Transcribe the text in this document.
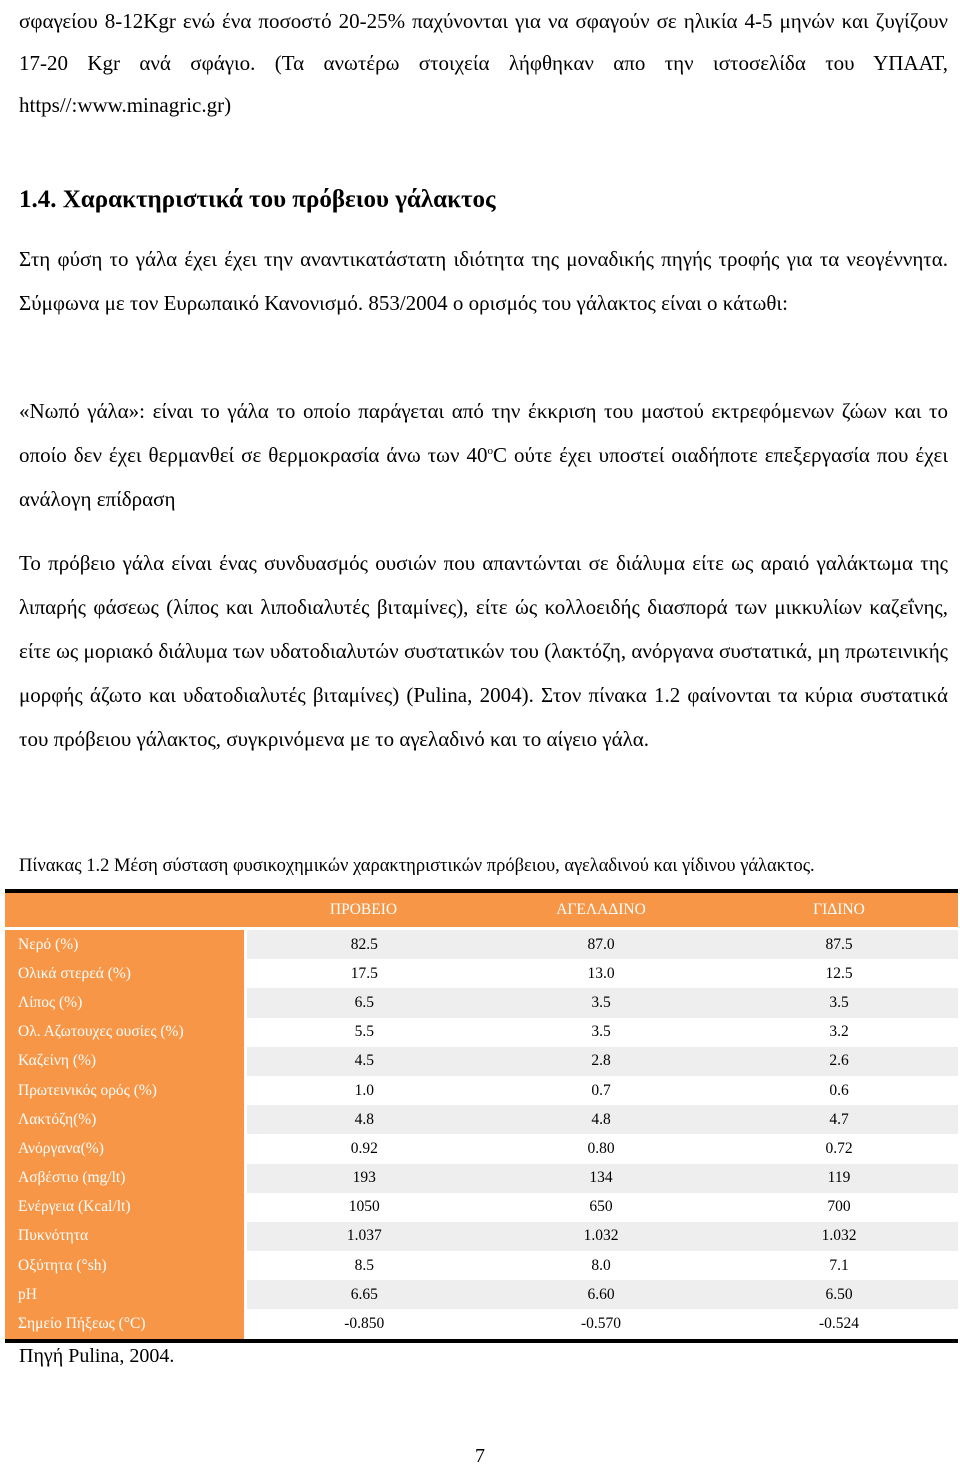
σφαγείου 8-12Kgr ενώ ένα ποσοστό 20-25% παχύνονται για να σφαγούν σε ηλικία 4-5 μηνών και ζυγίζουν 17-20 Kgr ανά σφάγιο. (Τα ανωτέρω στοιχεία λήφθηκαν απο την ιστοσελίδα του ΥΠΑΑΤ, https//:www.minagric.gr)
1.4. Χαρακτηριστικά του πρόβειου γάλακτος
Στη φύση το γάλα έχει έχει την αναντικατάστατη ιδιότητα της μοναδικής πηγής τροφής για τα νεογέννητα. Σύμφωνα με τον Ευρωπαικό Κανονισμό. 853/2004 ο ορισμός του γάλακτος είναι ο κάτωθι:
«Νωπό γάλα»: είναι το γάλα το οποίο παράγεται από την έκκριση του μαστού εκτρεφόμενων ζώων και το οποίο δεν έχει θερμανθεί σε θερμοκρασία άνω των $40^oC$ ούτε έχει υποστεί οιαδήποτε επεξεργασία που έχει ανάλογη επίδραση
Το πρόβειο γάλα είναι ένας συνδυασμός ουσιών που απαντώνται σε διάλυμα είτε ως αραιό γαλάκτωμα της λιπαρής φάσεως (λίπος και λιποδιαλυτές βιταμίνες), είτε ώς κολλοειδής διασπορά των μικκυλίων καζεΐνης, είτε ως μοριακό διάλυμα των υδατοδιαλυτών συστατικών του (λακτόζη, ανόργανα συστατικά, μη πρωτεινικής μορφής άζωτο και υδατοδιαλυτές βιταμίνες) (Pulina, 2004). Στον πίνακα 1.2 φαίνονται τα κύρια συστατικά του πρόβειου γάλακτος, συγκρινόμενα με το αγελαδινό και το αίγειο γάλα.
Πίνακας 1.2 Μέση σύσταση φυσικοχημικών χαρακτηριστικών πρόβειου, αγελαδινού και γίδινου γάλακτος.
	ΠΡΟΒΕΙΟ	ΑΓΕΛΑΔΙΝΟ	ΓΙΔΙΝΟ
Νερό (%)	82.5	87.0	87.5
Ολικά στερεά (%)	17.5	13.0	12.5
Λίπος (%)	6.5	3.5	3.5
Ολ. Αζωτουχες ουσίες (%)	5.5	3.5	3.2
Καζείνη (%)	4.5	2.8	2.6
Πρωτεινικός ορός (%)	1.0	0.7	0.6
Λακτόζη(%)	4.8	4.8	4.7
Ανόργανα(%)	0.92	0.80	0.72
Ασβέστιο (mg/lt)	193	134	119
Ενέργεια (Kcal/lt)	1050	650	700
Πυκνότητα	1.037	1.032	1.032
Οξύτητα (°sh)	8.5	8.0	7.1
pH	6.65	6.60	6.50
Σημείο Πήξεως (°C)	-0.850	-0.570	-0.524
Πηγή Pulina, 2004.
7
